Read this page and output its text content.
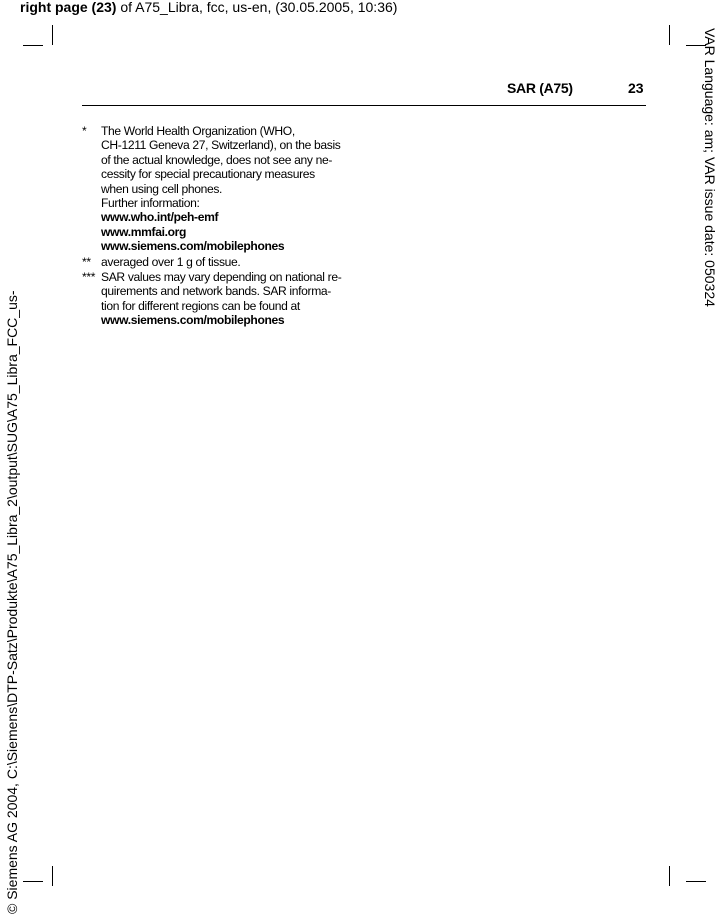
right page (23) of A75_Libra, fcc, us-en, (30.05.2005, 10:36)
VAR Language: am; VAR issue date: 050324
© Siemens AG 2004, C:\Siemens\DTP-Satz\Produkte\A75_Libra_2\output\SUG\A75_Libra_FCC_us-
SAR (A75)	23
*	The World Health Organization (WHO,
CH-1211 Geneva 27, Switzerland), on the basis
of the actual knowledge, does not see any ne-
cessity for special precautionary measures
when using cell phones.
Further information:
www.who.int/peh-emf
www.mmfai.org
www.siemens.com/mobilephones
** averaged over 1 g of tissue.
*** SAR values may vary depending on national re-
quirements and network bands. SAR informa-
tion for different regions can be found at
www.siemens.com/mobilephones
